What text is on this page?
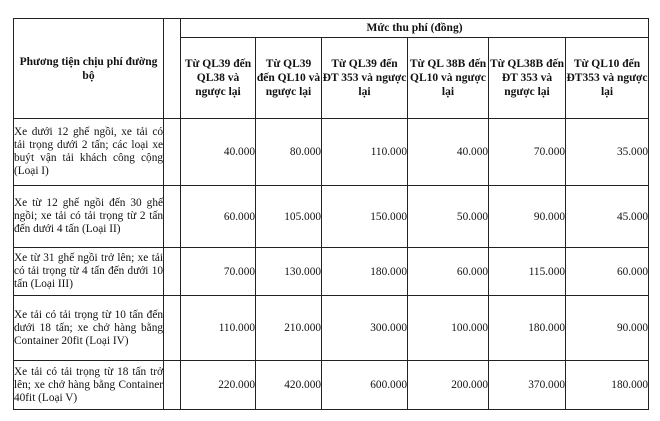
Phương tiện chịu phí đường bộ		Mức thu phí (đồng)					
		Từ QL39 đến QL38 và ngược lại	Từ QL39 đến QL10 và ngược lại	Từ QL39 đến ĐT 353 và ngược lại	Từ QL 38B đến QL10 và ngược lại	Từ QL38B đến ĐT 353 và ngược lại	Từ QL10 đến ĐT353 và ngược lại
Xe dưới 12 ghế ngồi, xe tải có tải trọng dưới 2 tấn; các loại xe buýt vận tải khách công cộng (Loại I)		40.000	80.000	110.000	40.000	70.000	35.000
Xe từ 12 ghế ngồi đến 30 ghế ngồi; xe tải có tải trọng từ 2 tấn đến dưới 4 tấn (Loại II)		60.000	105.000	150.000	50.000	90.000	45.000
Xe từ 31 ghế ngồi trở lên; xe tải có tải trọng từ 4 tấn đến dưới 10 tấn (Loại III)		70.000	130.000	180.000	60.000	115.000	60.000
Xe tải có tải trọng từ 10 tấn đến dưới 18 tấn; xe chở hàng bằng Container 20fit (Loại IV)		110.000	210.000	300.000	100.000	180.000	90.000
Xe tải có tải trọng từ 18 tấn trở lên; xe chở hàng bằng Container 40fit (Loại V)		220.000	420.000	600.000	200.000	370.000	180.000
